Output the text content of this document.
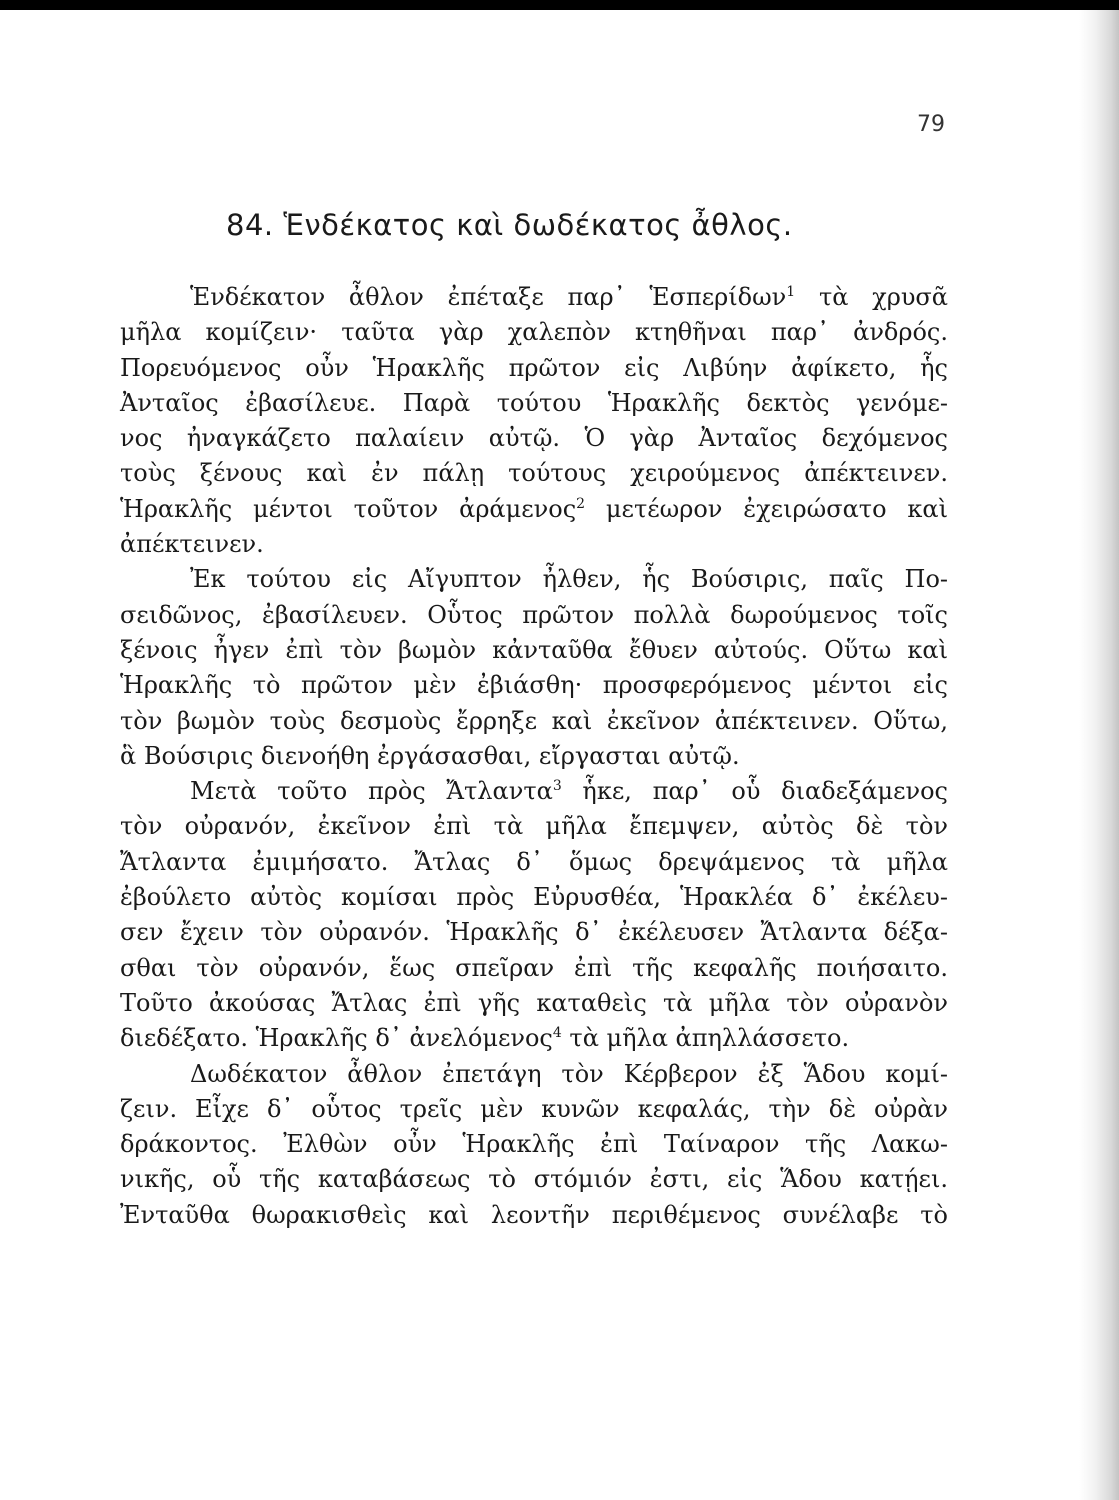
79
84. Ἑνδέκατος καὶ δωδέκατος ἆθλος.
Ἑνδέκατον ἆθλον ἐπέταξε παρ᾽ Ἑσπερίδων$^1$ τὰ χρυσᾶ
μῆλα κομίζειν· ταῦτα γὰρ χαλεπὸν κτηθῆναι παρ᾽ ἀνδρός.
Πορευόμενος οὖν Ἡρακλῆς πρῶτον εἰς Λιβύην ἀφίκετο, ἧς
Ἀνταῖος ἐβασίλευε. Παρὰ τούτου Ἡρακλῆς δεκτὸς γενόμε-
νος ἠναγκάζετο παλαίειν αὐτῷ. Ὁ γὰρ Ἀνταῖος δεχόμενος
τοὺς ξένους καὶ ἐν πάλῃ τούτους χειρούμενος ἀπέκτεινεν.
Ἡρακλῆς μέντοι τοῦτον ἀράμενος$^2$ μετέωρον ἐχειρώσατο καὶ
ἀπέκτεινεν.
Ἐκ τούτου εἰς Αἴγυπτον ἦλθεν, ἧς Βούσιρις, παῖς Πο-
σειδῶνος, ἐβασίλευεν. Οὗτος πρῶτον πολλὰ δωρούμενος τοῖς
ξένοις ἦγεν ἐπὶ τὸν βωμὸν κἀνταῦθα ἔθυεν αὐτούς. Οὕτω καὶ
Ἡρακλῆς τὸ πρῶτον μὲν ἐβιάσθη· προσφερόμενος μέντοι εἰς
τὸν βωμὸν τοὺς δεσμοὺς ἔρρηξε καὶ ἐκεῖνον ἀπέκτεινεν. Οὕτω,
ἃ Βούσιρις διενοήθη ἐργάσασθαι, εἴργασται αὐτῷ.
Μετὰ τοῦτο πρὸς Ἄτλαντα$^3$ ἧκε, παρ᾽ οὗ διαδεξάμενος
τὸν οὐρανόν, ἐκεῖνον ἐπὶ τὰ μῆλα ἔπεμψεν, αὐτὸς δὲ τὸν
Ἄτλαντα ἐμιμήσατο. Ἄτλας δ᾽ ὅμως δρεψάμενος τὰ μῆλα
ἐβούλετο αὐτὸς κομίσαι πρὸς Εὐρυσθέα, Ἡρακλέα δ᾽ ἐκέλευ-
σεν ἔχειν τὸν οὐρανόν. Ἡρακλῆς δ᾽ ἐκέλευσεν Ἄτλαντα δέξα-
σθαι τὸν οὐρανόν, ἕως σπεῖραν ἐπὶ τῆς κεφαλῆς ποιήσαιτο.
Τοῦτο ἀκούσας Ἄτλας ἐπὶ γῆς καταθεὶς τὰ μῆλα τὸν οὐρανὸν
διεδέξατο. Ἡρακλῆς δ᾽ ἀνελόμενος$^4$ τὰ μῆλα ἀπηλλάσσετο.
Δωδέκατον ἆθλον ἐπετάγη τὸν Κέρβερον ἐξ Ἅδου κομί-
ζειν. Εἶχε δ᾽ οὗτος τρεῖς μὲν κυνῶν κεφαλάς, τὴν δὲ οὐρὰν
δράκοντος. Ἐλθὼν οὖν Ἡρακλῆς ἐπὶ Ταίναρον τῆς Λακω-
νικῆς, οὗ τῆς καταβάσεως τὸ στόμιόν ἐστι, εἰς Ἅδου κατῄει.
Ἐνταῦθα θωρακισθεὶς καὶ λεοντῆν περιθέμενος συνέλαβε τὸ
